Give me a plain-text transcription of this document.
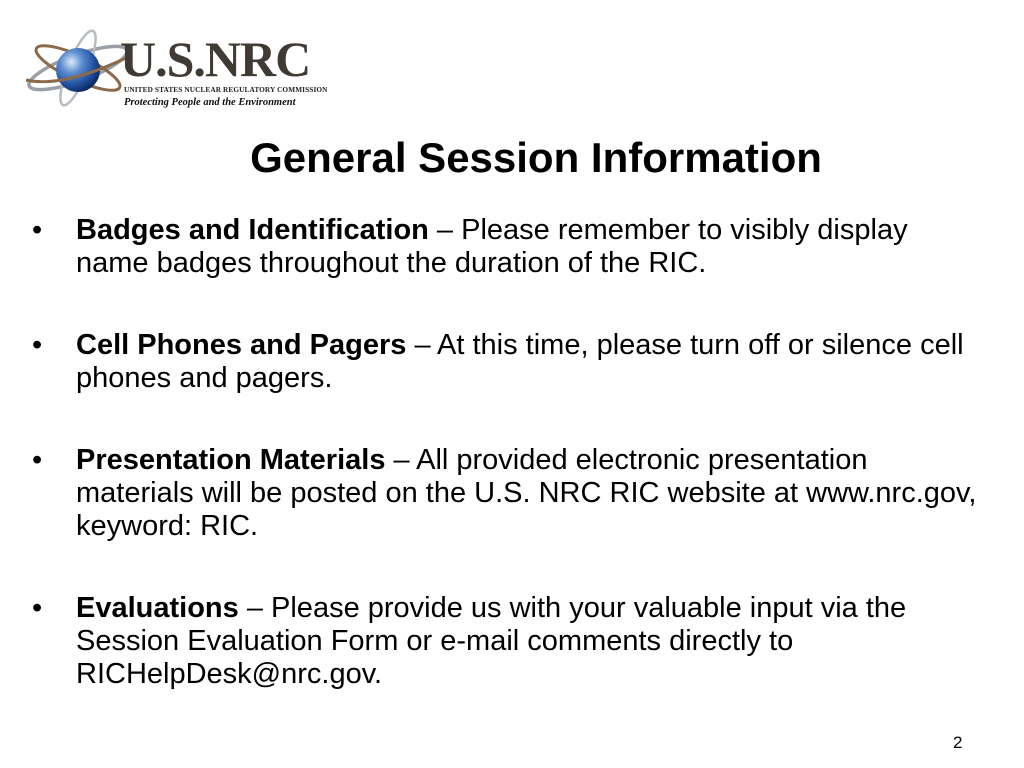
U.S.NRC
UNITED STATES NUCLEAR REGULATORY COMMISSION
Protecting People and the Environment
General Session Information
• Badges and Identification – Please remember to visibly display name badges throughout the duration of the RIC.
• Cell Phones and Pagers – At this time, please turn off or silence cell phones and pagers.
• Presentation Materials – All provided electronic presentation materials will be posted on the U.S. NRC RIC website at www.nrc.gov, keyword: RIC.
• Evaluations – Please provide us with your valuable input via the Session Evaluation Form or e-mail comments directly to RICHelpDesk@nrc.gov.
2
